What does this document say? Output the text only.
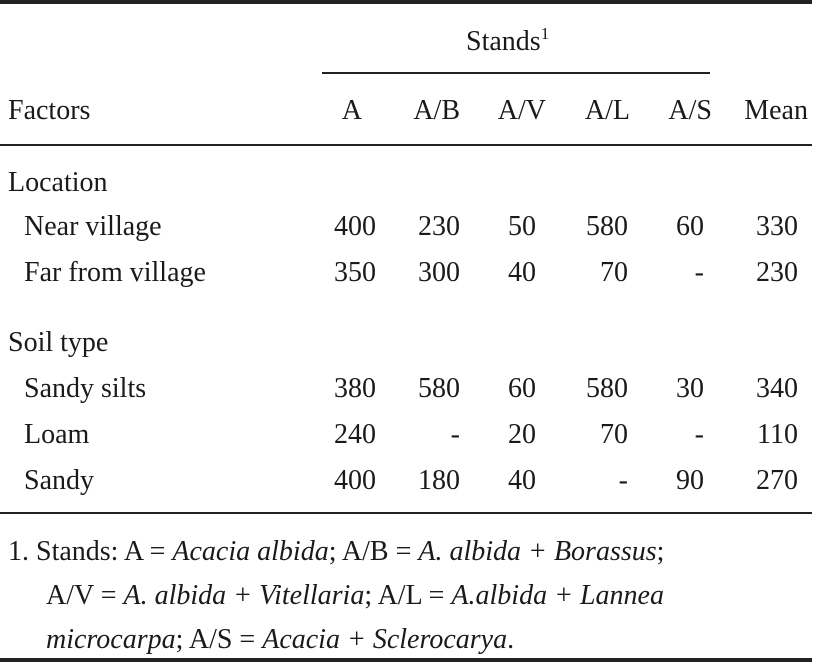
Stands$^1$
Factors	A	A/B	A/V	A/L	A/S	Mean
Location
Near village	400	230	50	580	60	330
Far from village	350	300	40	70	-	230
Soil type
Sandy silts	380	580	60	580	30	340
Loam	240	-	20	70	-	110
Sandy	400	180	40	-	90	270
1. Stands: A = Acacia albida; A/B = A. albida + Borassus;
A/V = A. albida + Vitellaria; A/L = A.albida + Lannea
microcarpa; A/S = Acacia + Sclerocarya.
